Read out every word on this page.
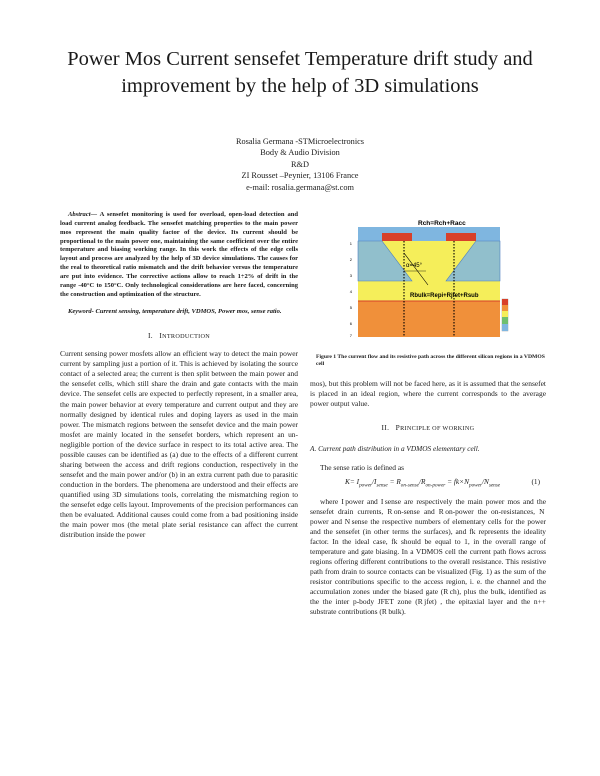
Power Mos Current sensefet Temperature drift study and improvement by the help of 3D simulations
Rosalia Germana -STMicroelectronics
Body & Audio Division
R&D
ZI Rousset –Peynier, 13106 France
e-mail: rosalia.germana@st.com

Abstract— A sensefet monitoring is used for overload, open-load detection and load current analog feedback. The sensefet matching properties to the main power mos represent the main quality factor of the device. Its current should be proportional to the main power one, maintaining the same coefficient over the entire temperature and biasing working range. In this work the effects of the edge cells layout and process are analyzed by the help of 3D device simulations. The causes for the real to theoretical ratio mismatch and the drift behavior versus the temperature are put into evidence. The corrective actions allow to reach 1÷2% of drift in the range -40°C to 150°C. Only technological considerations are here faced, concerning the construction and optimization of the structure.

Keyword- Current sensing, temperature drift, VDMOS, Power mos, sense ratio.

I. INTRODUCTION

Current sensing power mosfets allow an efficient way to detect the main power current by sampling just a portion of it. This is achieved by isolating the source contact of a selected area; the current is then split between the main power and the sensefet cells, which still share the drain and gate contacts with the main device. The sensefet cells are expected to perfectly represent, in a smaller area, the main power behavior at every temperature and current output and they are normally designed by identical rules and doping layers as used in the main power. The mismatch regions between the sensefet device and the main power mosfet are mainly located in the sensefet borders, which represent an un-negligible portion of the device surface in respect to its total active area. The possible causes can be identified as (a) due to the effects of a different current sharing between the access and drift regions conduction, respectively in the sensefet and the main power and/or (b) in an extra current path due to parasitic conduction in the borders. The phenomena are understood and their effects are quantified using 3D simulations tools, correlating the mismatching region to the sensefet edge cells layout. Improvements of the precision performances can then be evaluated. Additional causes could come from a bad positioning inside the main power mos (the metal plate serial resistance can affect the current distribution inside the power

1
2
3
4
5
6
7
Rch=Rch+Racc
α=45°
Rbulk=Repi+Rjfet+Rsub
Figure 1 The current flow and its resistive path across the different silicon regions in a VDMOS cell

mos), but this problem will not be faced here, as it is assumed that the sensefet is placed in an ideal region, where the current corresponds to the average power output value.

II. PRINCIPLE OF WORKING
A. Current path distribution in a VDMOS elementary cell.

The sense ratio is defined as

$K= I_{power}/I_{sense} = R_{on-sense}/R_{on-power} = fk\times N_{power}/N_{sense}$	(1)

where I power and I sense are respectively the main power mos and the sensefet drain currents, R on-sense and R on-power the on-resistances, N power and N sense the respective numbers of elementary cells for the power and the sensefet (in other terms the surfaces), and fk represents the ideality factor. In the ideal case, fk should be equal to 1, in the overall range of temperature and gate biasing. In a VDMOS cell the current path flows across regions offering different contributions to the overall resistance. This resistive path from drain to source contacts can be visualized (Fig. 1) as the sum of the resistor contributions specific to the access region, i. e. the channel and the accumulation zones under the biased gate (R ch), plus the bulk, identified as the the inter p-body JFET zone (R jfet) , the epitaxial layer and the n++ substrate contributions (R bulk).
